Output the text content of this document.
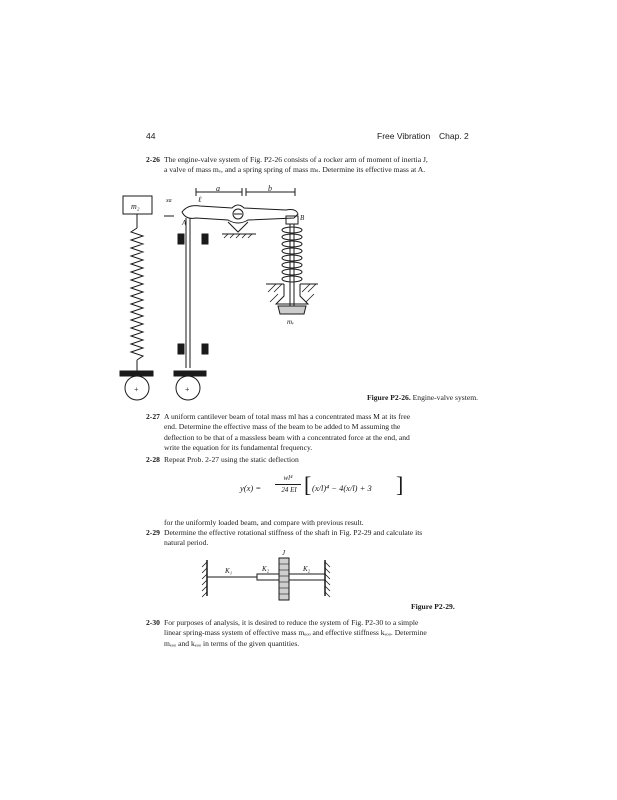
44	Free Vibration Chap. 2
2-26 The engine-valve system of Fig. P2-26 consists of a rocker arm of moment of inertia J,
a valve of mass mᵥ, and a spring spring of mass mₛ. Determine its effective mass at A.
m₂
+
xa
a	b
ℓ
A
B
+
mᵥ
Figure P2-26. Engine-valve system.
2-27 A uniform cantilever beam of total mass ml has a concentrated mass M at its free
end. Determine the effective mass of the beam to be added to M assuming the
deflection to be that of a massless beam with a concentrated force at the end, and
write the equation for its fundamental frequency.
2-28 Repeat Prob. 2-27 using the static deflection
y(x) =
wl⁴
24 EI [ (x/l)⁴ − 4(x/l) + 3 ]
for the uniformly loaded beam, and compare with previous result.
2-29 Determine the effective rotational stiffness of the shaft in Fig. P2-29 and calculate its
natural period.
J
K₁	K₂	K₂
Figure P2-29.
2-30 For purposes of analysis, it is desired to reduce the system of Fig. P2-30 to a simple
linear spring-mass system of effective mass mₑₒₒ and effective stiffness kₑₒₒ. Determine
mₑₒₒ and kₑₒₒ in terms of the given quantities.
